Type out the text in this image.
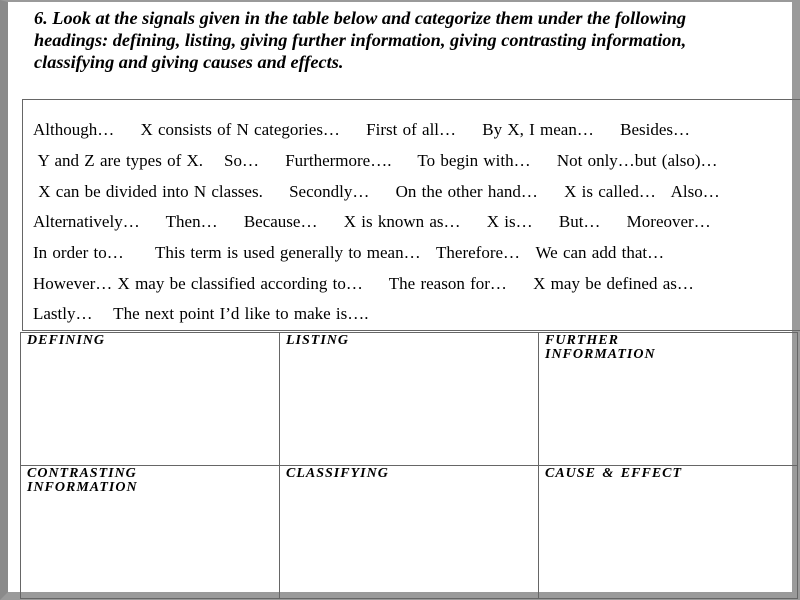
6. Look at the signals given in the table below and categorize them under the following
headings: defining, listing, giving further information, giving contrasting information,
classifying and giving causes and effects.
Although…     X consists of N categories…     First of all…     By X, I mean…     Besides…
Y and Z are types of X.    So…     Furthermore….     To begin with…     Not only…but (also)…
X can be divided into N classes.     Secondly…     On the other hand…     X is called…   Also…
Alternatively…     Then…     Because…     X is known as…     X is…     But…     Moreover…
In order to…      This term is used generally to mean…   Therefore…   We can add that…
However… X may be classified according to…     The reason for…     X may be defined as…
Lastly…    The next point I’d like to make is….
DEFINING	LISTING	FURTHER INFORMATION

CONTRASTING INFORMATION	CLASSIFYING	CAUSE & EFFECT
